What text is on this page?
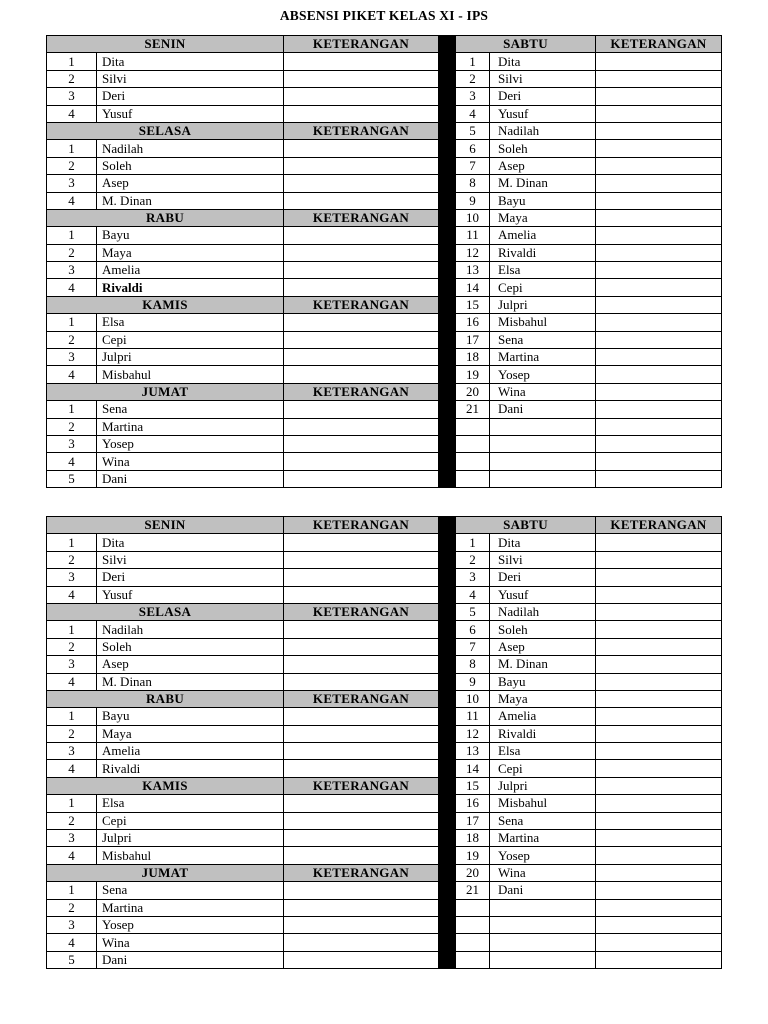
ABSENSI PIKET KELAS XI - IPS
SENIN		KETERANGAN		SABTU		KETERANGAN
1	Dita			1	Dita	
2	Silvi			2	Silvi	
3	Deri			3	Deri	
4	Yusuf			4	Yusuf	
SELASA		KETERANGAN		5	Nadilah	
1	Nadilah			6	Soleh	
2	Soleh			7	Asep	
3	Asep			8	M. Dinan	
4	M. Dinan			9	Bayu	
RABU		KETERANGAN		10	Maya	
1	Bayu			11	Amelia	
2	Maya			12	Rivaldi	
3	Amelia			13	Elsa	
4	Rivaldi			14	Cepi	
KAMIS		KETERANGAN		15	Julpri	
1	Elsa			16	Misbahul	
2	Cepi			17	Sena	
3	Julpri			18	Martina	
4	Misbahul			19	Yosep	
JUMAT		KETERANGAN		20	Wina	
1	Sena			21	Dani	
2	Martina					
3	Yosep					
4	Wina					
5	Dani					
SENIN		KETERANGAN		SABTU		KETERANGAN
1	Dita			1	Dita	
2	Silvi			2	Silvi	
3	Deri			3	Deri	
4	Yusuf			4	Yusuf	
SELASA		KETERANGAN		5	Nadilah	
1	Nadilah			6	Soleh	
2	Soleh			7	Asep	
3	Asep			8	M. Dinan	
4	M. Dinan			9	Bayu	
RABU		KETERANGAN		10	Maya	
1	Bayu			11	Amelia	
2	Maya			12	Rivaldi	
3	Amelia			13	Elsa	
4	Rivaldi			14	Cepi	
KAMIS		KETERANGAN		15	Julpri	
1	Elsa			16	Misbahul	
2	Cepi			17	Sena	
3	Julpri			18	Martina	
4	Misbahul			19	Yosep	
JUMAT		KETERANGAN		20	Wina	
1	Sena			21	Dani	
2	Martina					
3	Yosep					
4	Wina					
5	Dani					
